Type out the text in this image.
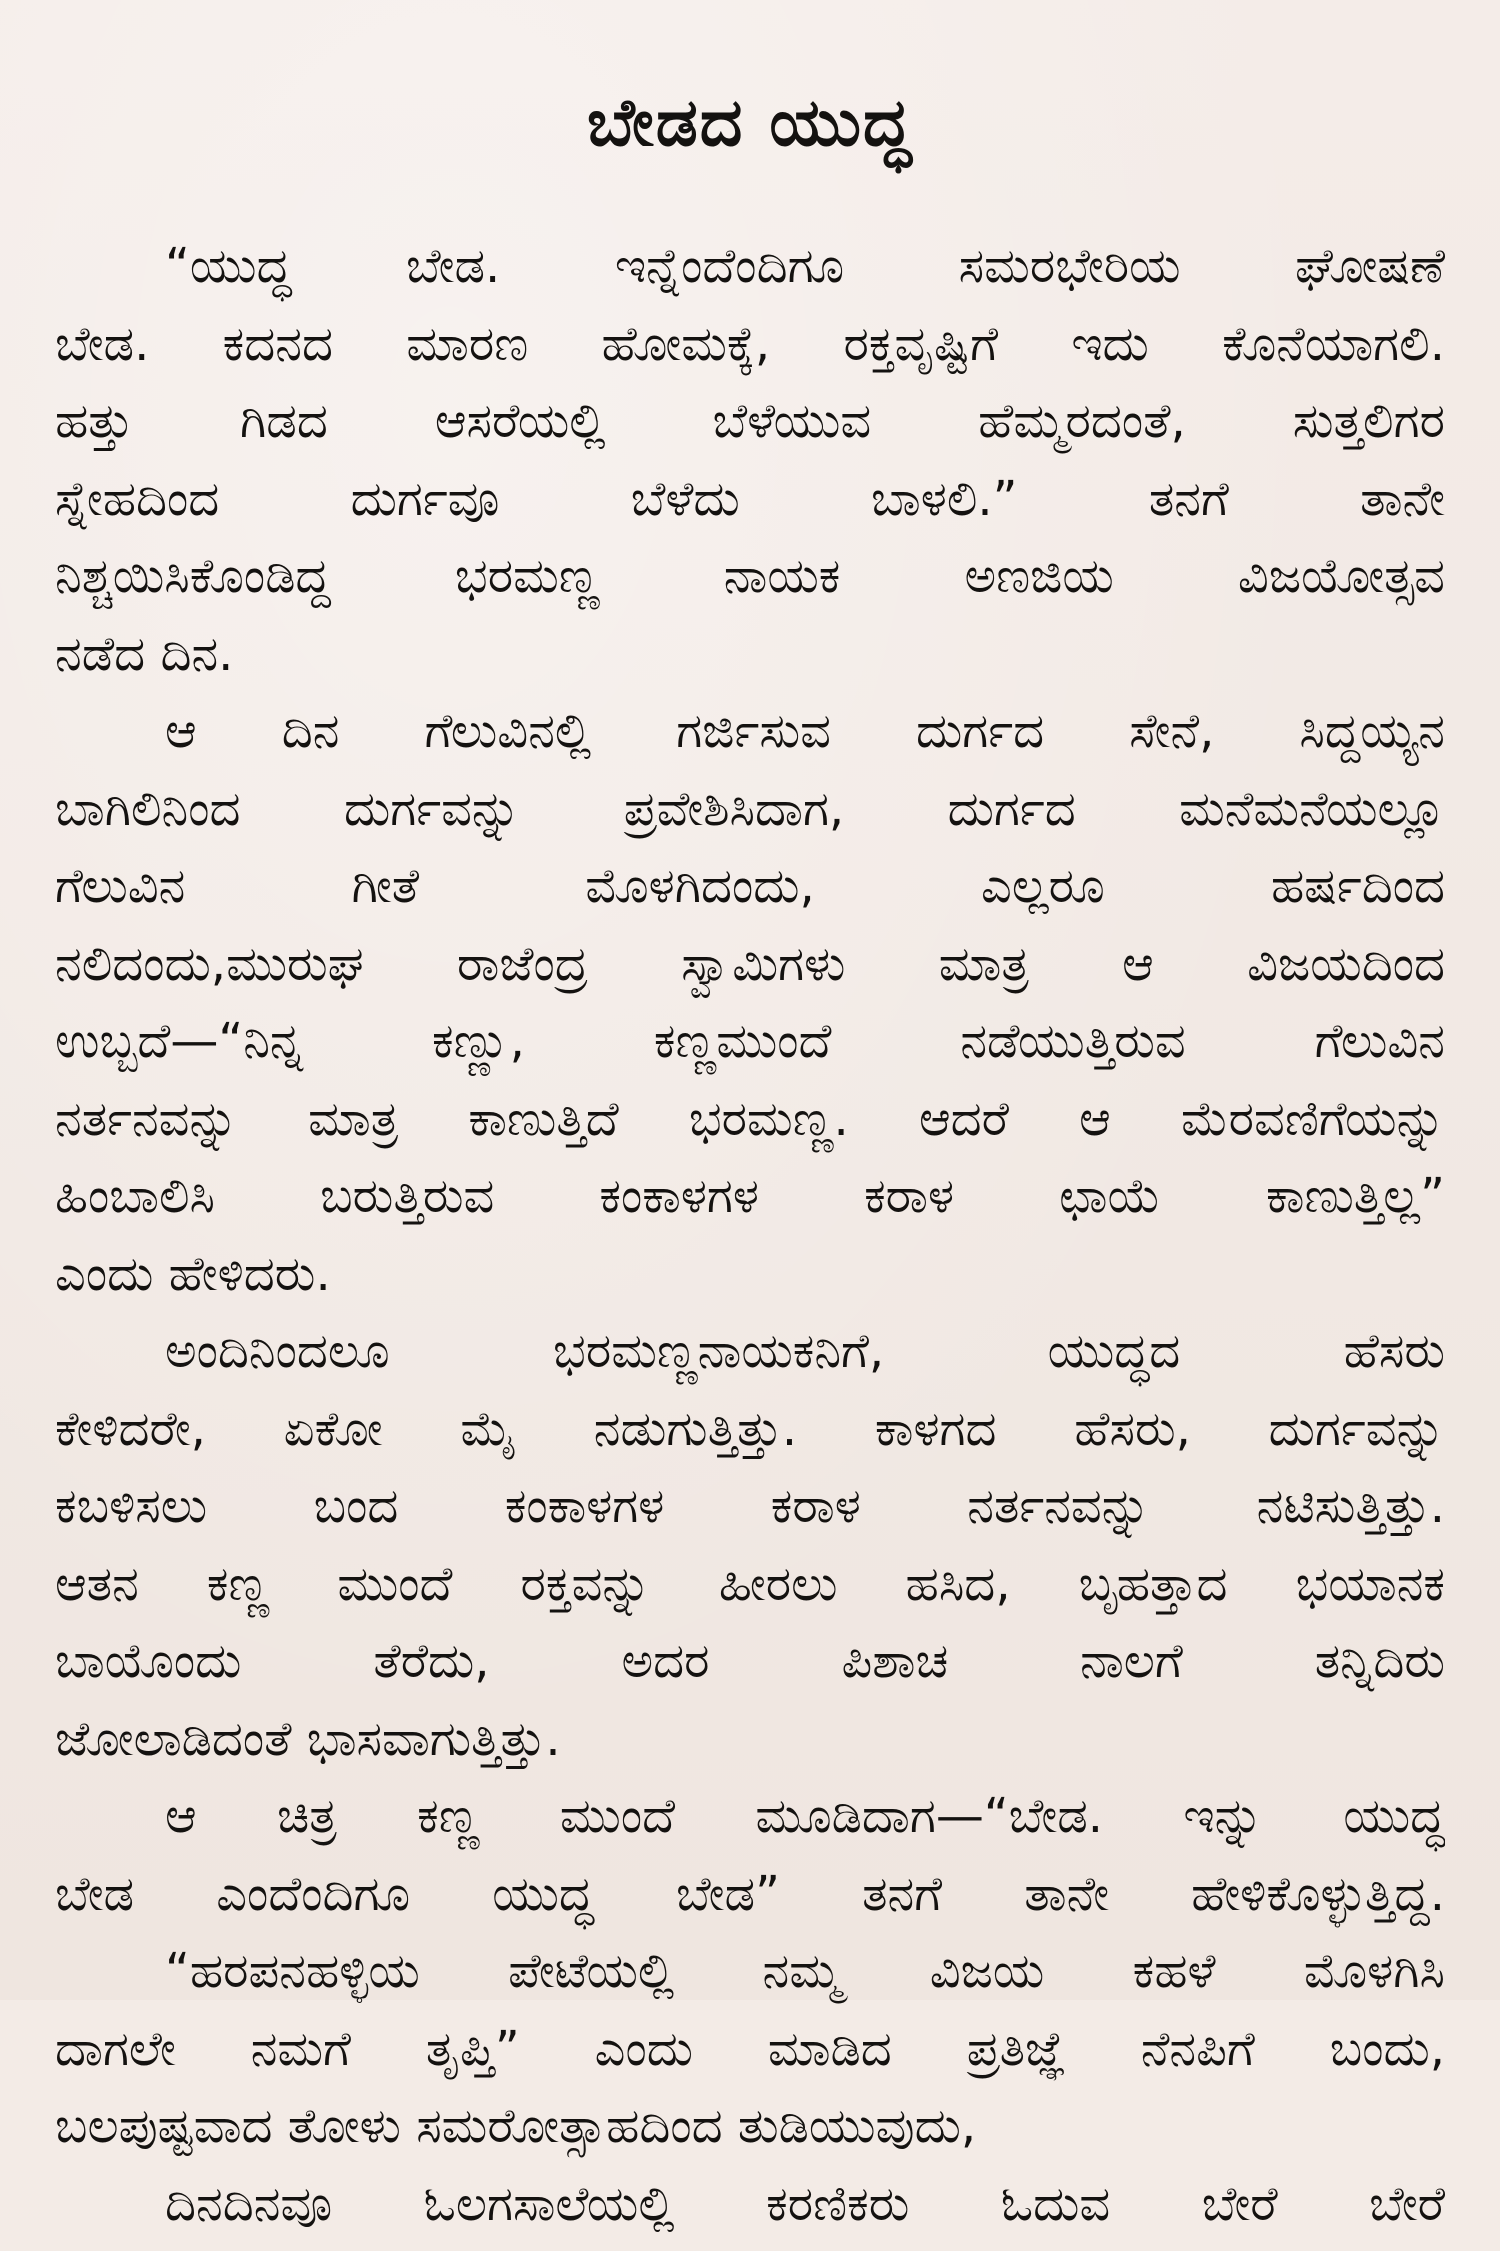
ಬೇಡದ ಯುದ್ಧ
“ಯುದ್ಧ ಬೇಡ. ಇನ್ನೆಂದೆಂದಿಗೂ ಸಮರಭೇರಿಯ ಘೋಷಣೆ
ಬೇಡ. ಕದನದ ಮಾರಣ ಹೋಮಕ್ಕೆ, ರಕ್ತವೃಷ್ಟಿಗೆ ಇದು ಕೊನೆಯಾಗಲಿ.
ಹತ್ತು ಗಿಡದ ಆಸರೆಯಲ್ಲಿ ಬೆಳೆಯುವ ಹೆಮ್ಮರದಂತೆ, ಸುತ್ತಲಿಗರ
ಸ್ನೇಹದಿಂದ ದುರ್ಗವೂ ಬೆಳೆದು ಬಾಳಲಿ.” ತನಗೆ ತಾನೇ
ನಿಶ್ಚಯಿಸಿಕೊಂಡಿದ್ದ ಭರಮಣ್ಣ ನಾಯಕ ಅಣಜಿಯ ವಿಜಯೋತ್ಸವ
ನಡೆದ ದಿನ.
ಆ ದಿನ ಗೆಲುವಿನಲ್ಲಿ ಗರ್ಜಿಸುವ ದುರ್ಗದ ಸೇನೆ, ಸಿದ್ದಯ್ಯನ
ಬಾಗಿಲಿನಿಂದ ದುರ್ಗವನ್ನು ಪ್ರವೇಶಿಸಿದಾಗ, ದುರ್ಗದ ಮನೆಮನೆಯಲ್ಲೂ
ಗೆಲುವಿನ ಗೀತೆ ಮೊಳಗಿದಂದು, ಎಲ್ಲರೂ ಹರ್ಷದಿಂದ
ನಲಿದಂದು,ಮುರುಘ ರಾಜೆಂದ್ರ ಸ್ವಾಮಿಗಳು ಮಾತ್ರ ಆ ವಿಜಯದಿಂದ
ಉಬ್ಬದೆ—“ನಿನ್ನ ಕಣ್ಣು, ಕಣ್ಣಮುಂದೆ ನಡೆಯುತ್ತಿರುವ ಗೆಲುವಿನ
ನರ್ತನವನ್ನು ಮಾತ್ರ ಕಾಣುತ್ತಿದೆ ಭರಮಣ್ಣ. ಆದರೆ ಆ ಮೆರವಣಿಗೆಯನ್ನು
ಹಿಂಬಾಲಿಸಿ ಬರುತ್ತಿರುವ ಕಂಕಾಳಗಳ ಕರಾಳ ಛಾಯೆ ಕಾಣುತ್ತಿಲ್ಲ”
ಎಂದು ಹೇಳಿದರು.
ಅಂದಿನಿಂದಲೂ ಭರಮಣ್ಣನಾಯಕನಿಗೆ, ಯುದ್ಧದ ಹೆಸರು
ಕೇಳಿದರೇ, ಏಕೋ ಮೈ ನಡುಗುತ್ತಿತ್ತು. ಕಾಳಗದ ಹೆಸರು, ದುರ್ಗವನ್ನು
ಕಬಳಿಸಲು ಬಂದ ಕಂಕಾಳಗಳ ಕರಾಳ ನರ್ತನವನ್ನು ನಟಿಸುತ್ತಿತ್ತು.
ಆತನ ಕಣ್ಣ ಮುಂದೆ ರಕ್ತವನ್ನು ಹೀರಲು ಹಸಿದ, ಬೃಹತ್ತಾದ ಭಯಾನಕ
ಬಾಯೊಂದು ತೆರೆದು, ಅದರ ಪಿಶಾಚ ನಾಲಗೆ ತನ್ನಿದಿರು
ಜೋಲಾಡಿದಂತೆ ಭಾಸವಾಗುತ್ತಿತ್ತು.
ಆ ಚಿತ್ರ ಕಣ್ಣ ಮುಂದೆ ಮೂಡಿದಾಗ—“ಬೇಡ. ಇನ್ನು ಯುದ್ಧ
ಬೇಡ ಎಂದೆಂದಿಗೂ ಯುದ್ಧ ಬೇಡ” ತನಗೆ ತಾನೇ ಹೇಳಿಕೊಳ್ಳುತ್ತಿದ್ದ.
“ಹರಪನಹಳ್ಳಿಯ ಪೇಟೆಯಲ್ಲಿ ನಮ್ಮ ವಿಜಯ ಕಹಳೆ ಮೊಳಗಿಸಿ
ದಾಗಲೇ ನಮಗೆ ತೃಪ್ತಿ” ಎಂದು ಮಾಡಿದ ಪ್ರತಿಜ್ಞೆ ನೆನಪಿಗೆ ಬಂದು,
ಬಲಪುಷ್ಟವಾದ ತೋಳು ಸಮರೋತ್ಸಾಹದಿಂದ ತುಡಿಯುವುದು,
ದಿನದಿನವೂ ಓಲಗಸಾಲೆಯಲ್ಲಿ ಕರಣಿಕರು ಓದುವ ಬೇರೆ ಬೇರೆ
